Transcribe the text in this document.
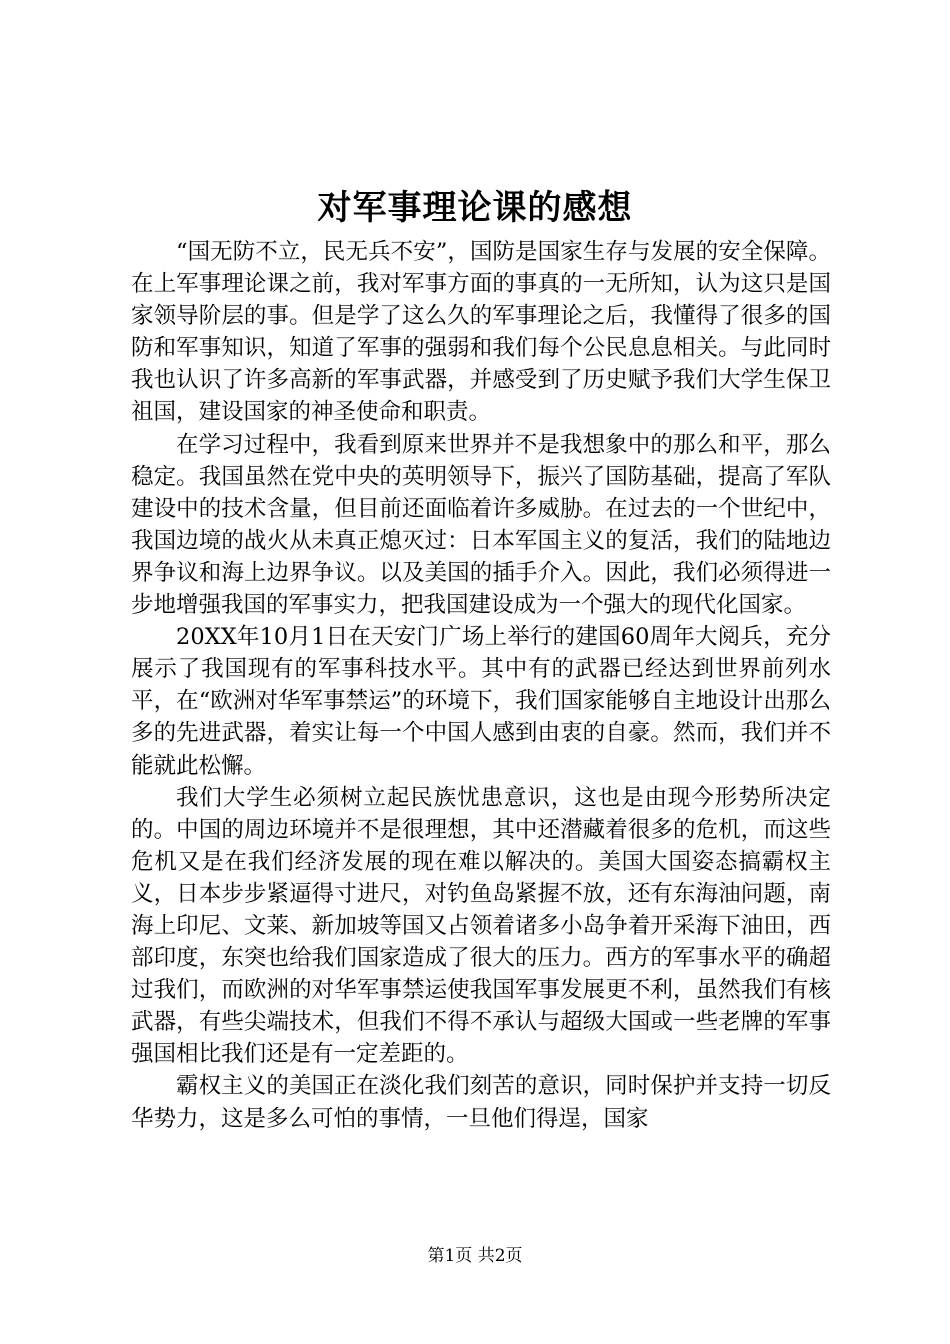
对军事理论课的感想

“国无防不立，民无兵不安”，国防是国家生存与发展的安全保障。在上军事理论课之前，我对军事方面的事真的一无所知，认为这只是国家领导阶层的事。但是学了这么久的军事理论之后，我懂得了很多的国防和军事知识，知道了军事的强弱和我们每个公民息息相关。与此同时我也认识了许多高新的军事武器，并感受到了历史赋予我们大学生保卫祖国，建设国家的神圣使命和职责。

在学习过程中，我看到原来世界并不是我想象中的那么和平，那么稳定。我国虽然在党中央的英明领导下，振兴了国防基础，提高了军队建设中的技术含量，但目前还面临着许多威胁。在过去的一个世纪中，我国边境的战火从未真正熄灭过：日本军国主义的复活，我们的陆地边界争议和海上边界争议。以及美国的插手介入。因此，我们必须得进一步地增强我国的军事实力，把我国建设成为一个强大的现代化国家。

20XX年10月1日在天安门广场上举行的建国60周年大阅兵，充分展示了我国现有的军事科技水平。其中有的武器已经达到世界前列水平，在“欧洲对华军事禁运”的环境下，我们国家能够自主地设计出那么多的先进武器，着实让每一个中国人感到由衷的自豪。然而，我们并不能就此松懈。

我们大学生必须树立起民族忧患意识，这也是由现今形势所决定的。中国的周边环境并不是很理想，其中还潜藏着很多的危机，而这些危机又是在我们经济发展的现在难以解决的。美国大国姿态搞霸权主义，日本步步紧逼得寸进尺，对钓鱼岛紧握不放，还有东海油问题，南海上印尼、文莱、新加坡等国又占领着诸多小岛争着开采海下油田，西部印度，东突也给我们国家造成了很大的压力。西方的军事水平的确超过我们，而欧洲的对华军事禁运使我国军事发展更不利，虽然我们有核武器，有些尖端技术，但我们不得不承认与超级大国或一些老牌的军事强国相比我们还是有一定差距的。

霸权主义的美国正在淡化我们刻苦的意识，同时保护并支持一切反华势力，这是多么可怕的事情，一旦他们得逞，国家

第1页 共2页
